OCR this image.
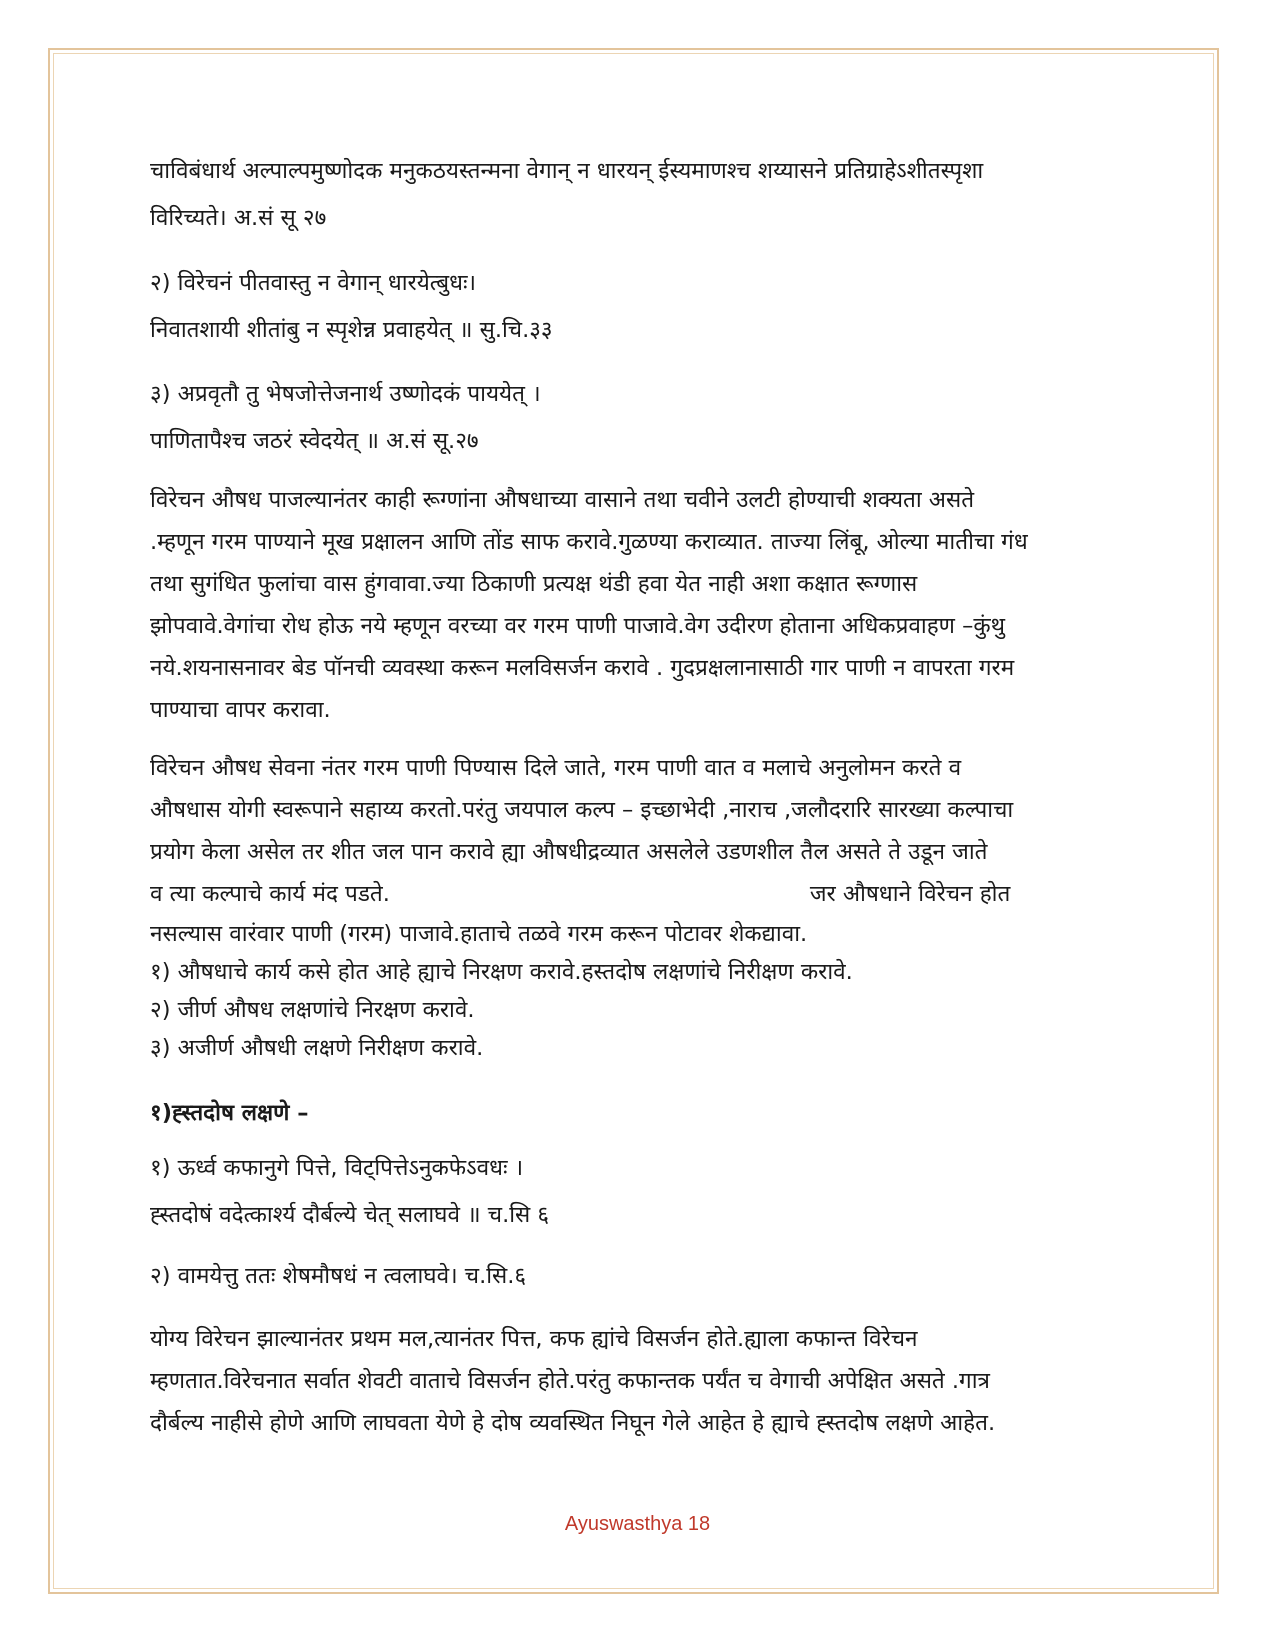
चाविबंधार्थ अल्पाल्पमुष्णोदक मनुकठयस्तन्मना वेगान् न धारयन् ईस्यमाणश्च शय्यासने प्रतिग्राहेऽशीतस्पृशा
विरिच्यते। अ.सं सू २७
२) विरेचनं पीतवास्तु न वेगान् धारयेत्बुधः।
निवातशायी शीतांबु न स्पृशेन्न प्रवाहयेत् ॥ सु.चि.३३
३) अप्रवृतौ तु भेषजोत्तेजनार्थ उष्णोदकं पाययेत् ।
पाणितापैश्च जठरं स्वेदयेत् ॥ अ.सं सू.२७
विरेचन औषध पाजल्यानंतर काही रूग्णांना औषधाच्या वासाने तथा चवीने उलटी होण्याची शक्यता असते
.म्हणून गरम पाण्याने मूख प्रक्षालन आणि तोंड साफ करावे.गुळण्या कराव्यात. ताज्या लिंबू, ओल्या मातीचा गंध
तथा सुगंधित फुलांचा वास हुंगवावा.ज्या ठिकाणी प्रत्यक्ष थंडी हवा येत नाही अशा कक्षात रूग्णास
झोपवावे.वेगांचा रोध होऊ नये म्हणून वरच्या वर गरम पाणी पाजावे.वेग उदीरण होताना अधिकप्रवाहण –कुंथु
नये.शयनासनावर बेड पॉनची व्यवस्था करून मलविसर्जन करावे . गुदप्रक्षलानासाठी गार पाणी न वापरता गरम
पाण्याचा वापर करावा.
विरेचन औषध सेवना नंतर गरम पाणी पिण्यास दिले जाते, गरम पाणी वात व मलाचे अनुलोमन करते व
औषधास योगी स्वरूपाने सहाय्य करतो.परंतु जयपाल कल्प – इच्छाभेदी ,नाराच ,जलौदरारि सारख्या कल्पाचा
प्रयोग केला असेल तर शीत जल पान करावे ह्या औषधीद्रव्यात असलेले उडणशील तैल असते ते उडून जाते
व त्या कल्पाचे कार्य मंद पडते.	जर औषधाने विरेचन होत
नसल्यास वारंवार पाणी (गरम) पाजावे.हाताचे तळवे गरम करून पोटावर शेकद्यावा.
१) औषधाचे कार्य कसे होत आहे ह्याचे निरक्षण करावे.हस्तदोष लक्षणांचे निरीक्षण करावे.
२) जीर्ण औषध लक्षणांचे निरक्षण करावे.
३) अजीर्ण औषधी लक्षणे निरीक्षण करावे.
१)ह्स्तदोष लक्षणे –
१) ऊर्ध्व कफानुगे पित्ते, विट्पित्तेऽनुकफेऽवधः ।
ह्स्तदोषं वदेत्कार्श्य दौर्बल्ये चेत् सलाघवे ॥ च.सि ६
२) वामयेत्तु ततः शेषमौषधं न त्वलाघवे। च.सि.६
योग्य विरेचन झाल्यानंतर प्रथम मल,त्यानंतर पित्त, कफ ह्यांचे विसर्जन होते.ह्याला कफान्त विरेचन
म्हणतात.विरेचनात सर्वात शेवटी वाताचे विसर्जन होते.परंतु कफान्तक पर्यंत च वेगाची अपेक्षित असते .गात्र
दौर्बल्य नाहीसे होणे आणि लाघवता येणे हे दोष व्यवस्थित निघून गेले आहेत हे ह्याचे ह्स्तदोष लक्षणे आहेत.
Ayuswasthya 18
